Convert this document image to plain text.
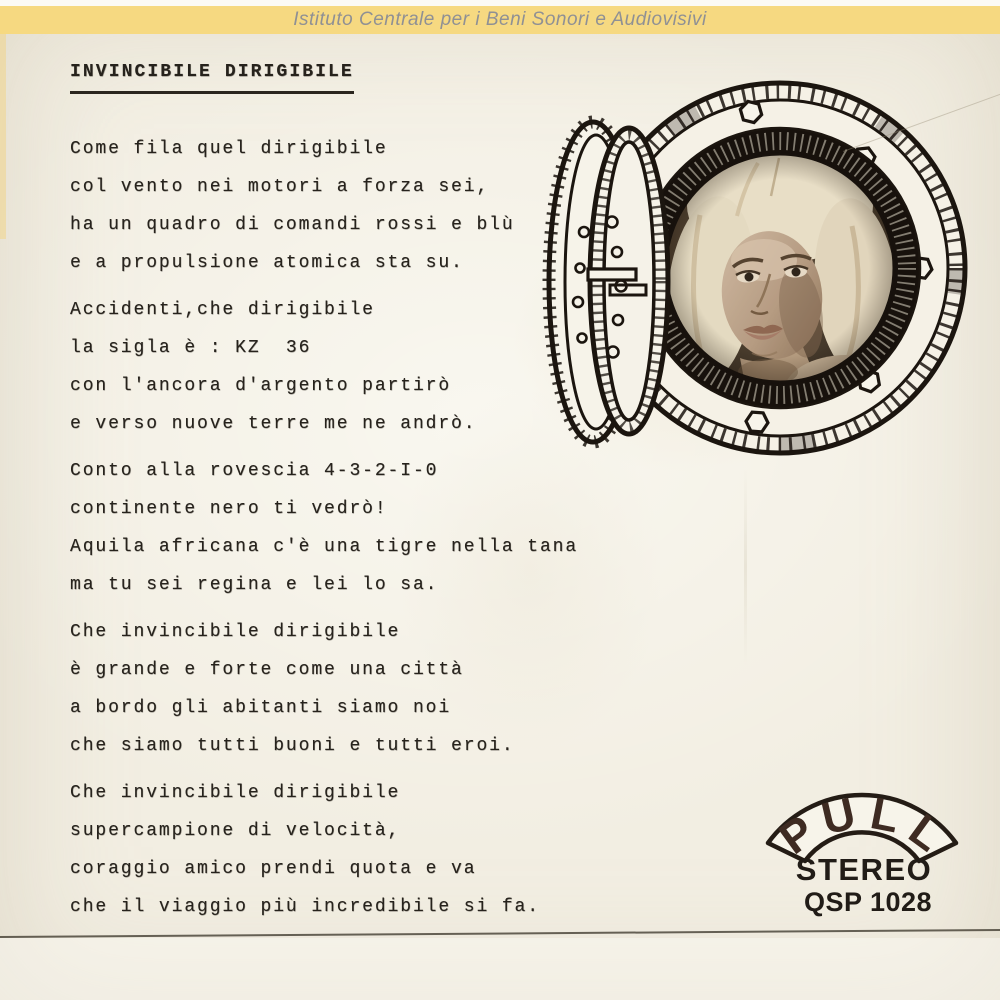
Istituto Centrale per i Beni Sonori e Audiovisivi
INVINCIBILE DIRIGIBILE

Come fila quel dirigibile
col vento nei motori a forza sei,
ha un quadro di comandi rossi e blù
e a propulsione atomica sta su.

Accidenti,che dirigibile
la sigla è : KZ  36
con l'ancora d'argento partirò
e verso nuove terre me ne andrò.

Conto alla rovescia 4-3-2-I-0
continente nero ti vedrò!
Aquila africana c'è una tigre nella tana
ma tu sei regina e lei lo sa.

Che invincibile dirigibile
è grande e forte come una città
a bordo gli abitanti siamo noi
che siamo tutti buoni e tutti eroi.

Che invincibile dirigibile
supercampione di velocità,
coraggio amico prendi quota e va
che il viaggio più incredibile si fa.

P
U L
L
STEREO
QSP 1028
